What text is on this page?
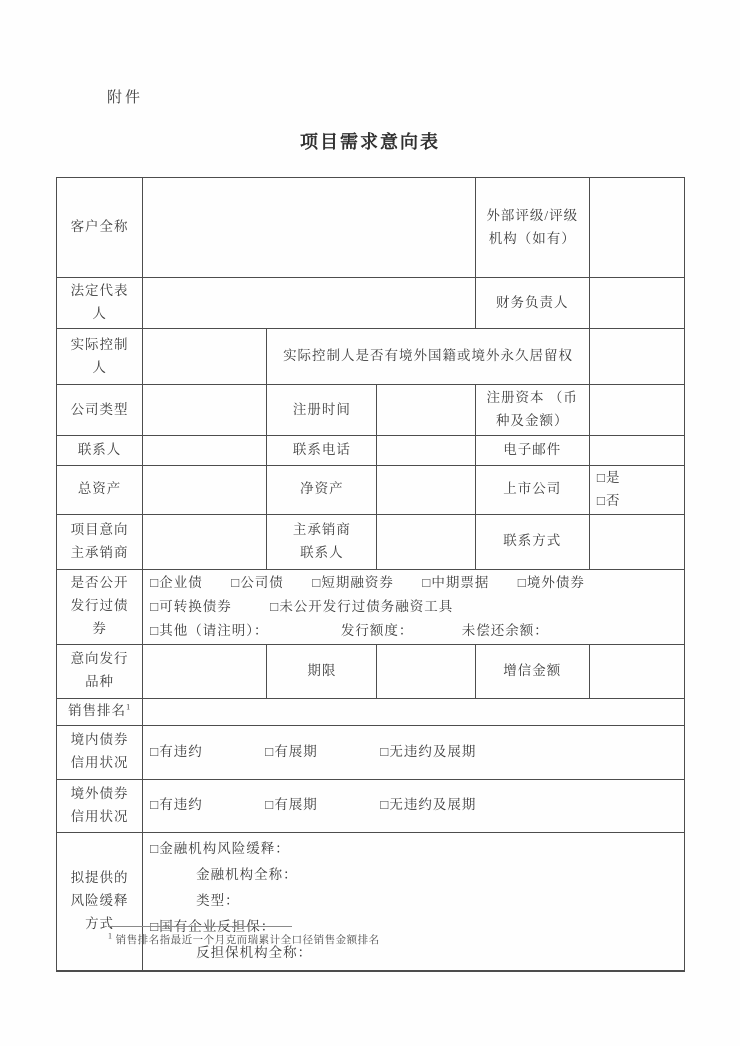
附件
项目需求意向表
客户全称				外部评级/评级机构（如有）	
法定代表人				财务负责人	
实际控制人		实际控制人是否有境外国籍或境外永久居留权			
公司类型		注册时间		注册资本 （币种及金额）	
联系人		联系电话		电子邮件	
总资产		净资产		上市公司	□是□否
项目意向主承销商		主承销商联系人		联系方式	
是否公开发行过债券	□企业债 □公司债 □短期融资券 □中期票据 □境外债券
□可转换债券 □未公开发行过债务融资工具
□其他（请注明）： 发行额度： 未偿还余额：				

意向发行品种		期限		增信金额	
销售排名$^1$	
境内债券信用状况	□有违约 □有展期 □无违约及展期				
境外债券信用状况	□有违约 □有展期 □无违约及展期				
拟提供的风险缓释方式	□金融机构风险缓释：
金融机构全称：
类型：
□国有企业反担保：
反担保机构全称：				
$^1$ 销售排名指最近一个月克而瑞累计全口径销售金额排名
